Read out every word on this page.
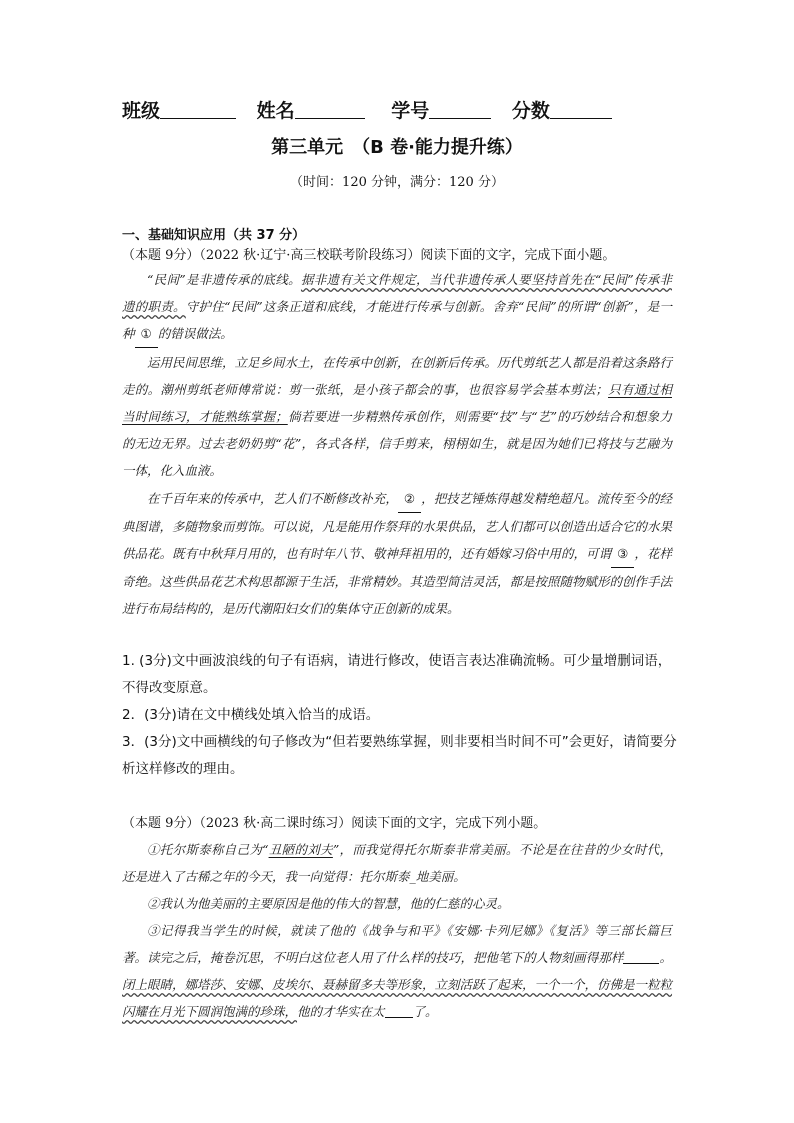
班级	姓名	学号	分数
第三单元　（B 卷·能力提升练）
（时间：120 分钟，满分：120 分）
一、基础知识应用（共 37 分）
（本题 9分）（2022 秋·辽宁·高三校联考阶段练习）阅读下面的文字，完成下面小题。
“民间”是非遗传承的底线。据非遗有关文件规定，当代非遗传承人要坚持首先在“民间”传承非遗的职责。守护住“民间”这条正道和底线，才能进行传承与创新。舍弃“民间”的所谓“创新”，是一种 ① 的错误做法。
运用民间思维，立足乡间水土，在传承中创新，在创新后传承。历代剪纸艺人都是沿着这条路行走的。潮州剪纸老师傅常说：剪一张纸，是小孩子都会的事，也很容易学会基本剪法；只有通过相当时间练习，才能熟练掌握；倘若要进一步精熟传承创作，则需要“技”与“艺”的巧妙结合和想象力的无边无界。过去老奶奶剪“花”，各式各样，信手剪来，栩栩如生，就是因为她们已将技与艺融为一体，化入血液。
在千百年来的传承中，艺人们不断修改补充， ② ，把技艺锤炼得越发精绝超凡。流传至今的经典图谱，多随物象而剪饰。可以说，凡是能用作祭拜的水果供品，艺人们都可以创造出适合它的水果供品花。既有中秋拜月用的，也有时年八节、敬神拜祖用的，还有婚嫁习俗中用的，可谓 ③ ，花样奇绝。这些供品花艺术构思都源于生活，非常精妙。其造型简洁灵活，都是按照随物赋形的创作手法进行布局结构的，是历代潮阳妇女们的集体守正创新的成果。
1. (3分)文中画波浪线的句子有语病，请进行修改，使语言表达准确流畅。可少量增删词语，不得改变原意。
2．(3分)请在文中横线处填入恰当的成语。
3．(3分)文中画横线的句子修改为“但若要熟练掌握，则非要相当时间不可”会更好，请简要分析这样修改的理由。
（本题 9分）（2023 秋·高二课时练习）阅读下面的文字，完成下列小题。
①托尔斯泰称自己为“丑陋的刘夫”，而我觉得托尔斯泰非常美丽。不论是在往昔的少女时代，还是进入了古稀之年的今天，我一向觉得：托尔斯泰_地美丽。
②我认为他美丽的主要原因是他的伟大的智慧，他的仁慈的心灵。
③记得我当学生的时候，就读了他的《战争与和平》《安娜·卡列尼娜》《复活》等三部长篇巨著。读完之后，掩卷沉思，不明白这位老人用了什么样的技巧，把他笔下的人物刻画得那样	。闭上眼睛，娜塔莎、安娜、皮埃尔、聂赫留多夫等形象，立刻活跃了起来，一个一个，仿佛是一粒粒闪耀在月光下圆润饱满的珍珠，他的才华实在太 了。
